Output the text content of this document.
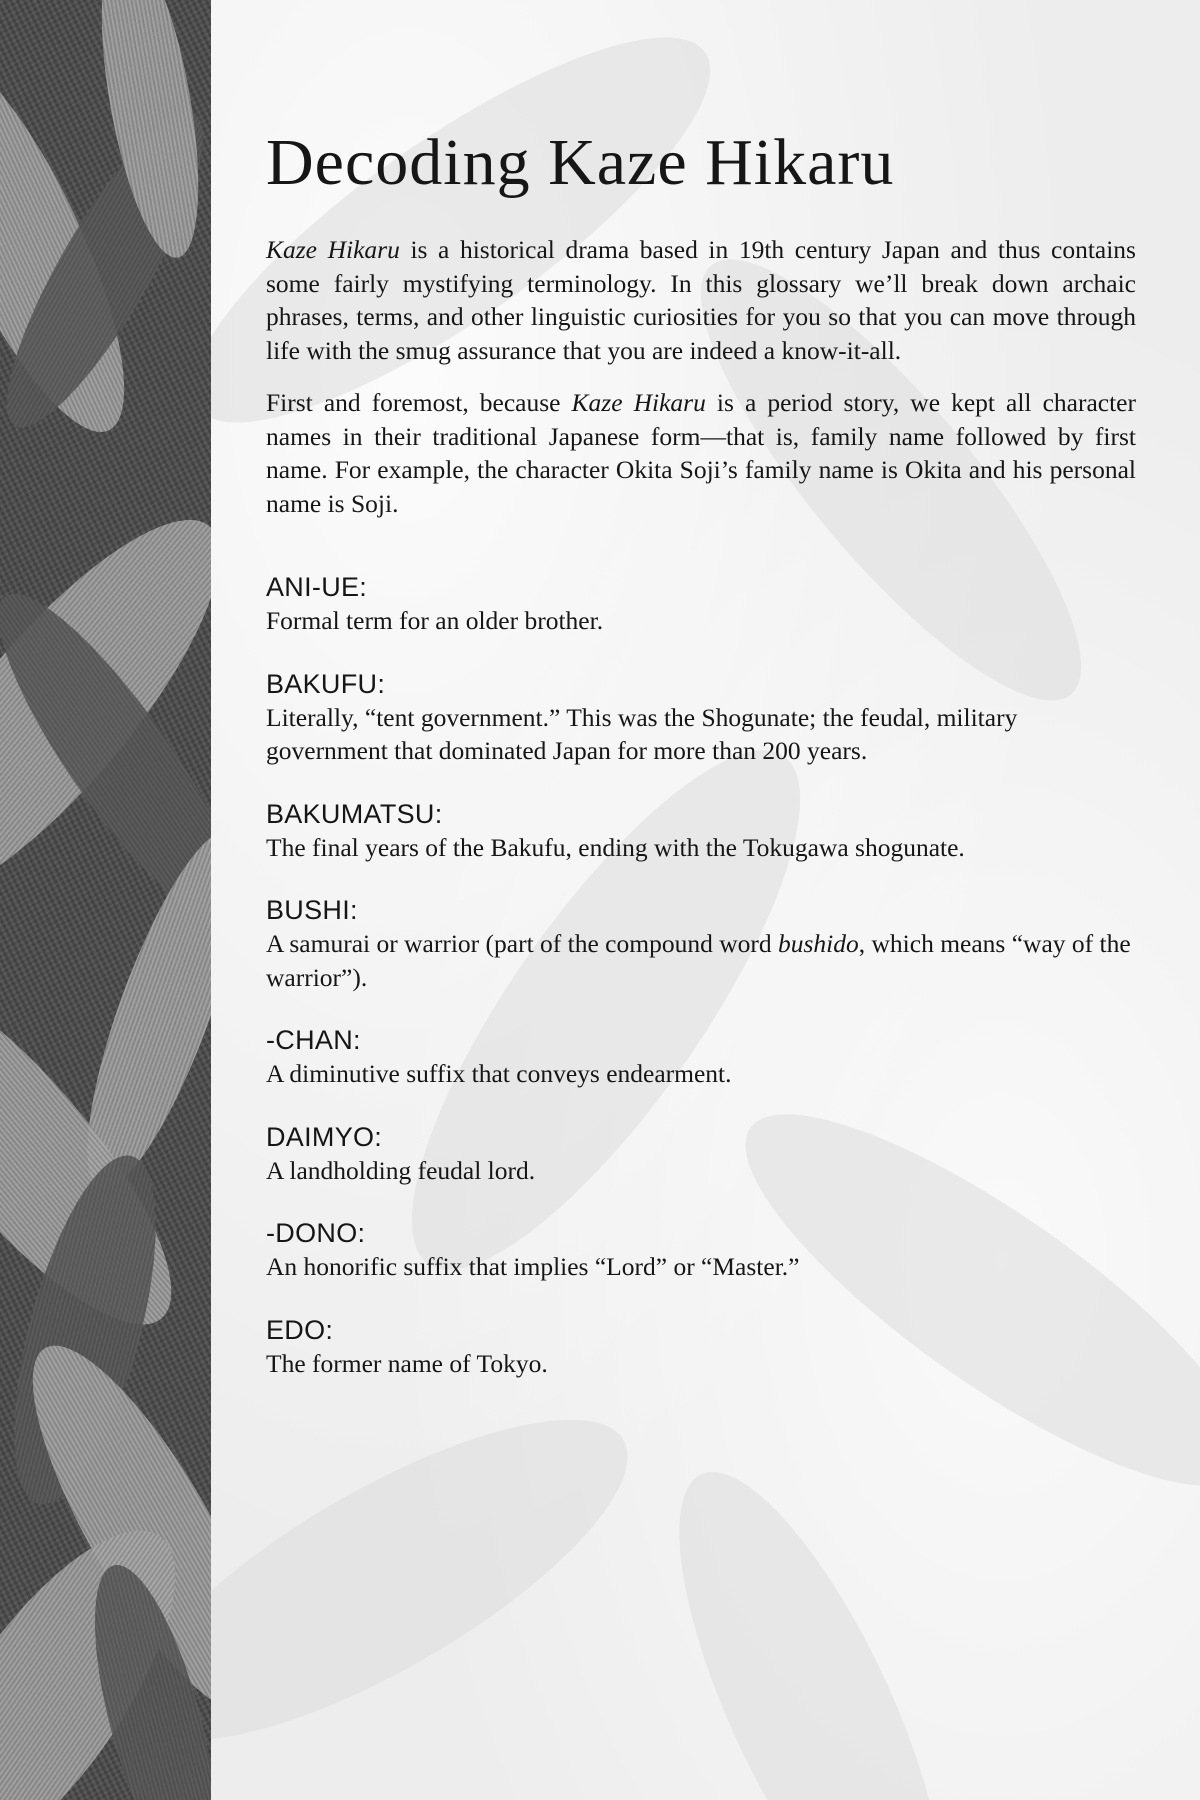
Decoding Kaze Hikaru

Kaze Hikaru is a historical drama based in 19th century Japan and thus contains some fairly mystifying terminology. In this glossary we’ll break down archaic phrases, terms, and other linguistic curiosities for you so that you can move through life with the smug assurance that you are indeed a know-it-all.

First and foremost, because Kaze Hikaru is a period story, we kept all character names in their traditional Japanese form—that is, family name followed by first name. For example, the character Okita Soji’s family name is Okita and his personal name is Soji.

ANI-UE:
Formal term for an older brother.
BAKUFU:
Literally, “tent government.” This was the Shogunate; the feudal, military government that dominated Japan for more than 200 years.
BAKUMATSU:
The final years of the Bakufu, ending with the Tokugawa shogunate.
BUSHI:
A samurai or warrior (part of the compound word bushido, which means “way of the warrior”).
-CHAN:
A diminutive suffix that conveys endearment.
DAIMYO:
A landholding feudal lord.
-DONO:
An honorific suffix that implies “Lord” or “Master.”
EDO:
The former name of Tokyo.
